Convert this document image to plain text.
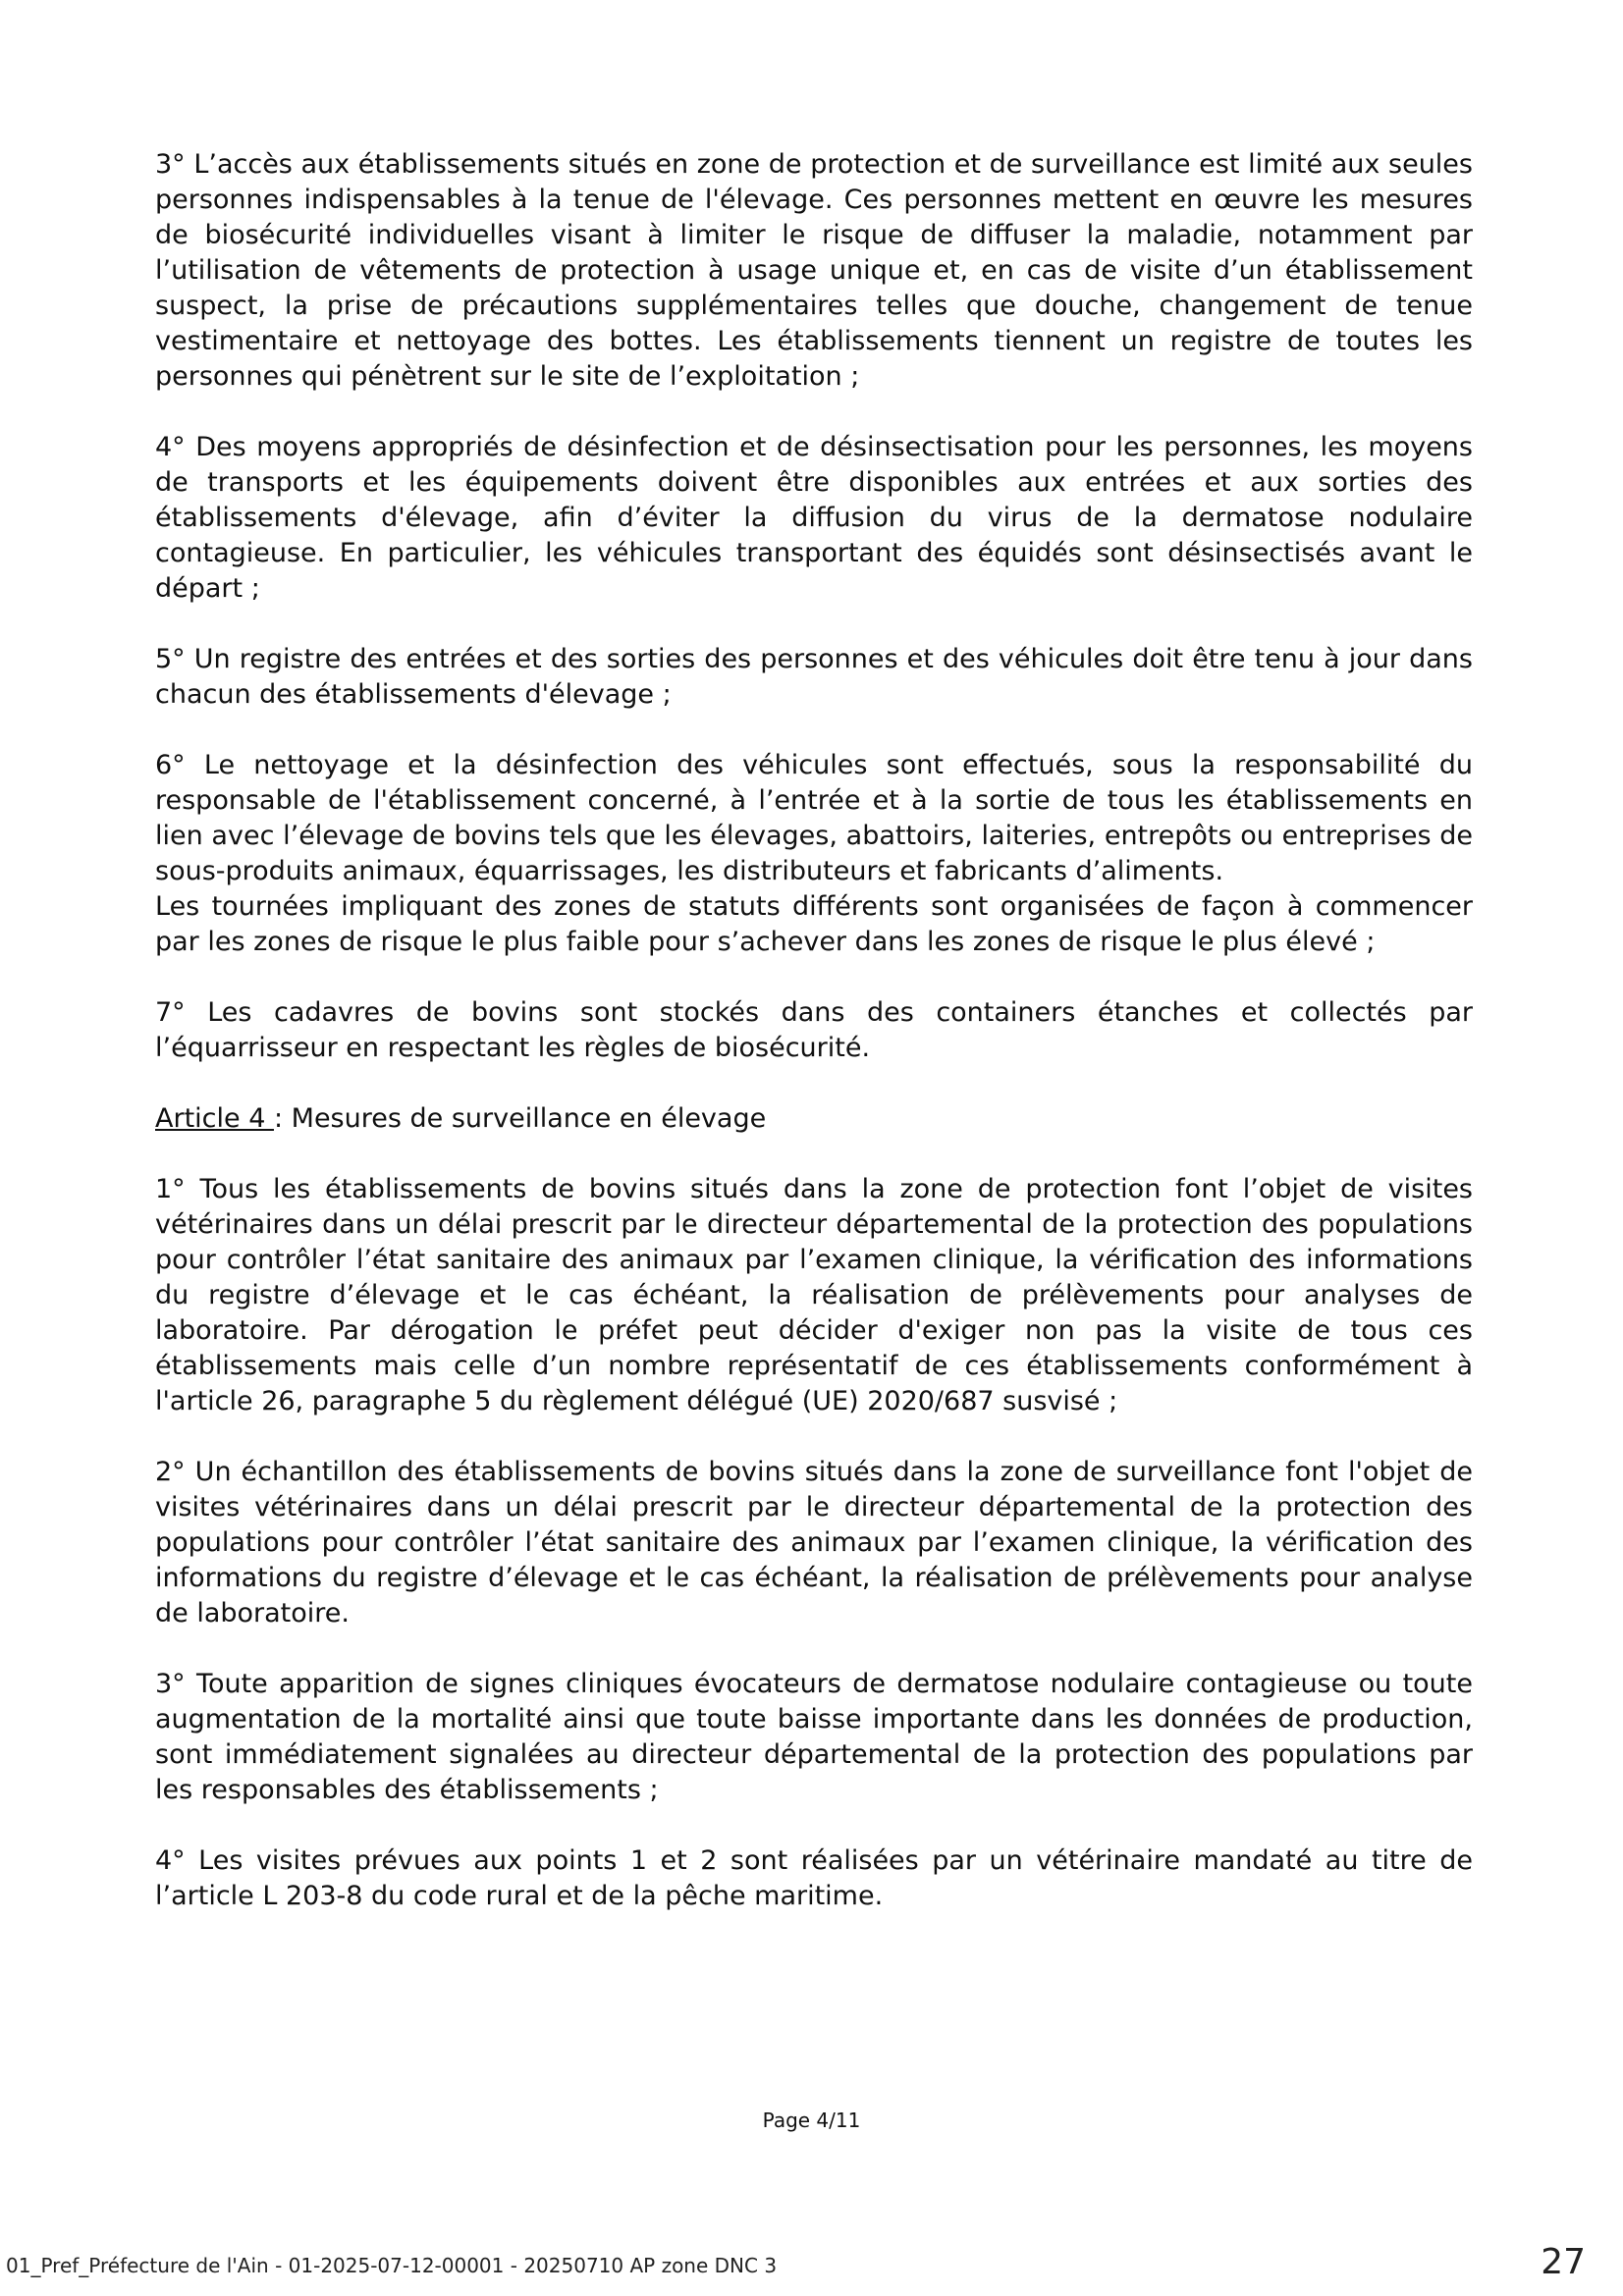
3° L’accès aux établissements situés en zone de protection et de surveillance est limité aux seules personnes indispensables à la tenue de l'élevage. Ces personnes mettent en œuvre les mesures de biosécurité individuelles visant à limiter le risque de diffuser la maladie, notamment par l’utilisation de vêtements de protection à usage unique et, en cas de visite d’un établissement suspect, la prise de précautions supplémentaires telles que douche, changement de tenue vestimentaire et nettoyage des bottes. Les établissements tiennent un registre de toutes les personnes qui pénètrent sur le site de l’exploitation ;

4° Des moyens appropriés de désinfection et de désinsectisation pour les personnes, les moyens de transports et les équipements doivent être disponibles aux entrées et aux sorties des établissements d'élevage, afin d’éviter la diffusion du virus de la dermatose nodulaire contagieuse. En particulier, les véhicules transportant des équidés sont désinsectisés avant le départ ;

5° Un registre des entrées et des sorties des personnes et des véhicules doit être tenu à jour dans chacun des établissements d'élevage ;

6° Le nettoyage et la désinfection des véhicules sont effectués, sous la responsabilité du responsable de l'établissement concerné, à l’entrée et à la sortie de tous les établissements en lien avec l’élevage de bovins tels que les élevages, abattoirs, laiteries, entrepôts ou entreprises de sous-produits animaux, équarrissages, les distributeurs et fabricants d’aliments.

Les tournées impliquant des zones de statuts différents sont organisées de façon à commencer par les zones de risque le plus faible pour s’achever dans les zones de risque le plus élevé ;

7° Les cadavres de bovins sont stockés dans des containers étanches et collectés par l’équarrisseur en respectant les règles de biosécurité.

Article 4 : Mesures de surveillance en élevage

1° Tous les établissements de bovins situés dans la zone de protection font l’objet de visites vétérinaires dans un délai prescrit par le directeur départemental de la protection des populations pour contrôler l’état sanitaire des animaux par l’examen clinique, la vérification des informations du registre d’élevage et le cas échéant, la réalisation de prélèvements pour analyses de laboratoire. Par dérogation le préfet peut décider d'exiger non pas la visite de tous ces établissements mais celle d’un nombre représentatif de ces établissements conformément à l'article 26, paragraphe 5 du règlement délégué (UE) 2020/687 susvisé ;

2° Un échantillon des établissements de bovins situés dans la zone de surveillance font l'objet de visites vétérinaires dans un délai prescrit par le directeur départemental de la protection des populations pour contrôler l’état sanitaire des animaux par l’examen clinique, la vérification des informations du registre d’élevage et le cas échéant, la réalisation de prélèvements pour analyse de laboratoire.

3° Toute apparition de signes cliniques évocateurs de dermatose nodulaire contagieuse ou toute augmentation de la mortalité ainsi que toute baisse importante dans les données de production, sont immédiatement signalées au directeur départemental de la protection des populations par les responsables des établissements ;

4° Les visites prévues aux points 1 et 2 sont réalisées par un vétérinaire mandaté au titre de l’article L 203-8 du code rural et de la pêche maritime.

Page 4/11
01_Pref_Préfecture de l'Ain - 01-2025-07-12-00001 - 20250710 AP zone DNC 3	27
